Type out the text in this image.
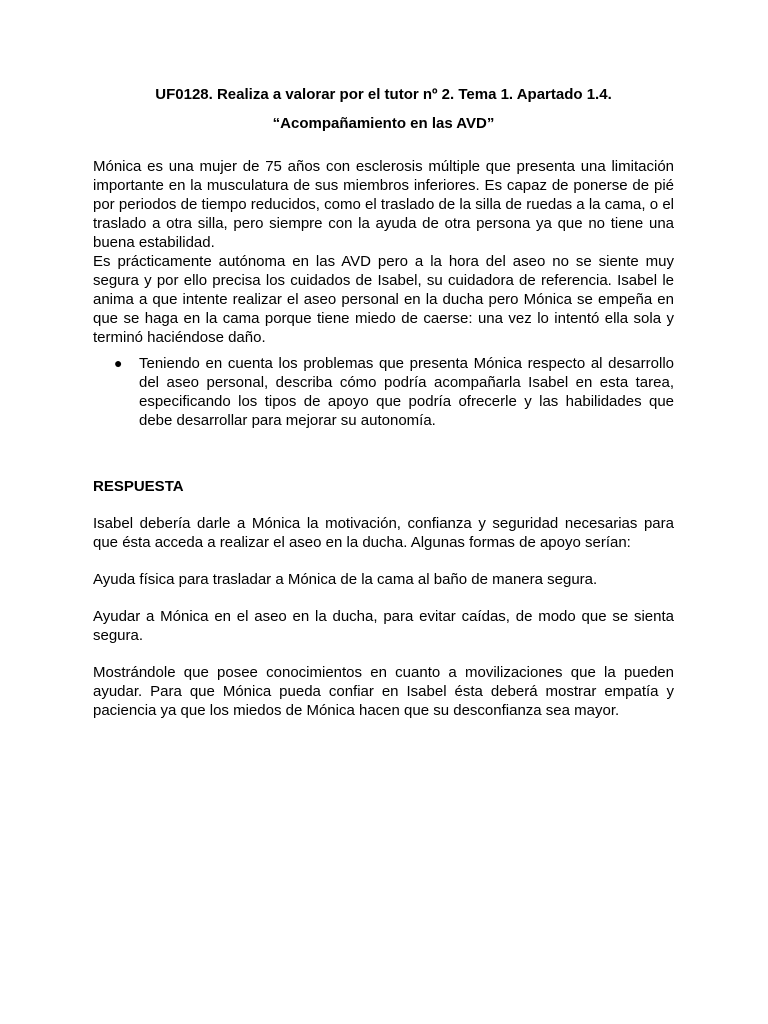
UF0128. Realiza a valorar por el tutor nº 2. Tema 1. Apartado 1.4.

“Acompañamiento en las AVD”

Mónica es una mujer de 75 años con esclerosis múltiple que presenta una limitación importante en la musculatura de sus miembros inferiores. Es capaz de ponerse de pié por periodos de tiempo reducidos, como el traslado de la silla de ruedas a la cama, o el traslado a otra silla, pero siempre con la ayuda de otra persona ya que no tiene una buena estabilidad.

Es prácticamente autónoma en las AVD pero a la hora del aseo no se siente muy segura y por ello precisa los cuidados de Isabel, su cuidadora de referencia. Isabel le anima a que intente realizar el aseo personal en la ducha pero Mónica se empeña en que se haga en la cama porque tiene miedo de caerse: una vez lo intentó ella sola y terminó haciéndose daño.

● Teniendo en cuenta los problemas que presenta Mónica respecto al desarrollo del aseo personal, describa cómo podría acompañarla Isabel en esta tarea, especificando los tipos de apoyo que podría ofrecerle y las habilidades que debe desarrollar para mejorar su autonomía.

RESPUESTA

Isabel debería darle a Mónica la motivación, confianza y seguridad necesarias para que ésta acceda a realizar el aseo en la ducha. Algunas formas de apoyo serían:

Ayuda física para trasladar a Mónica de la cama al baño de manera segura.

Ayudar a Mónica en el aseo en la ducha, para evitar caídas, de modo que se sienta segura.

Mostrándole que posee conocimientos en cuanto a movilizaciones que la pueden ayudar. Para que Mónica pueda confiar en Isabel ésta deberá mostrar empatía y paciencia ya que los miedos de Mónica hacen que su desconfianza sea mayor.
